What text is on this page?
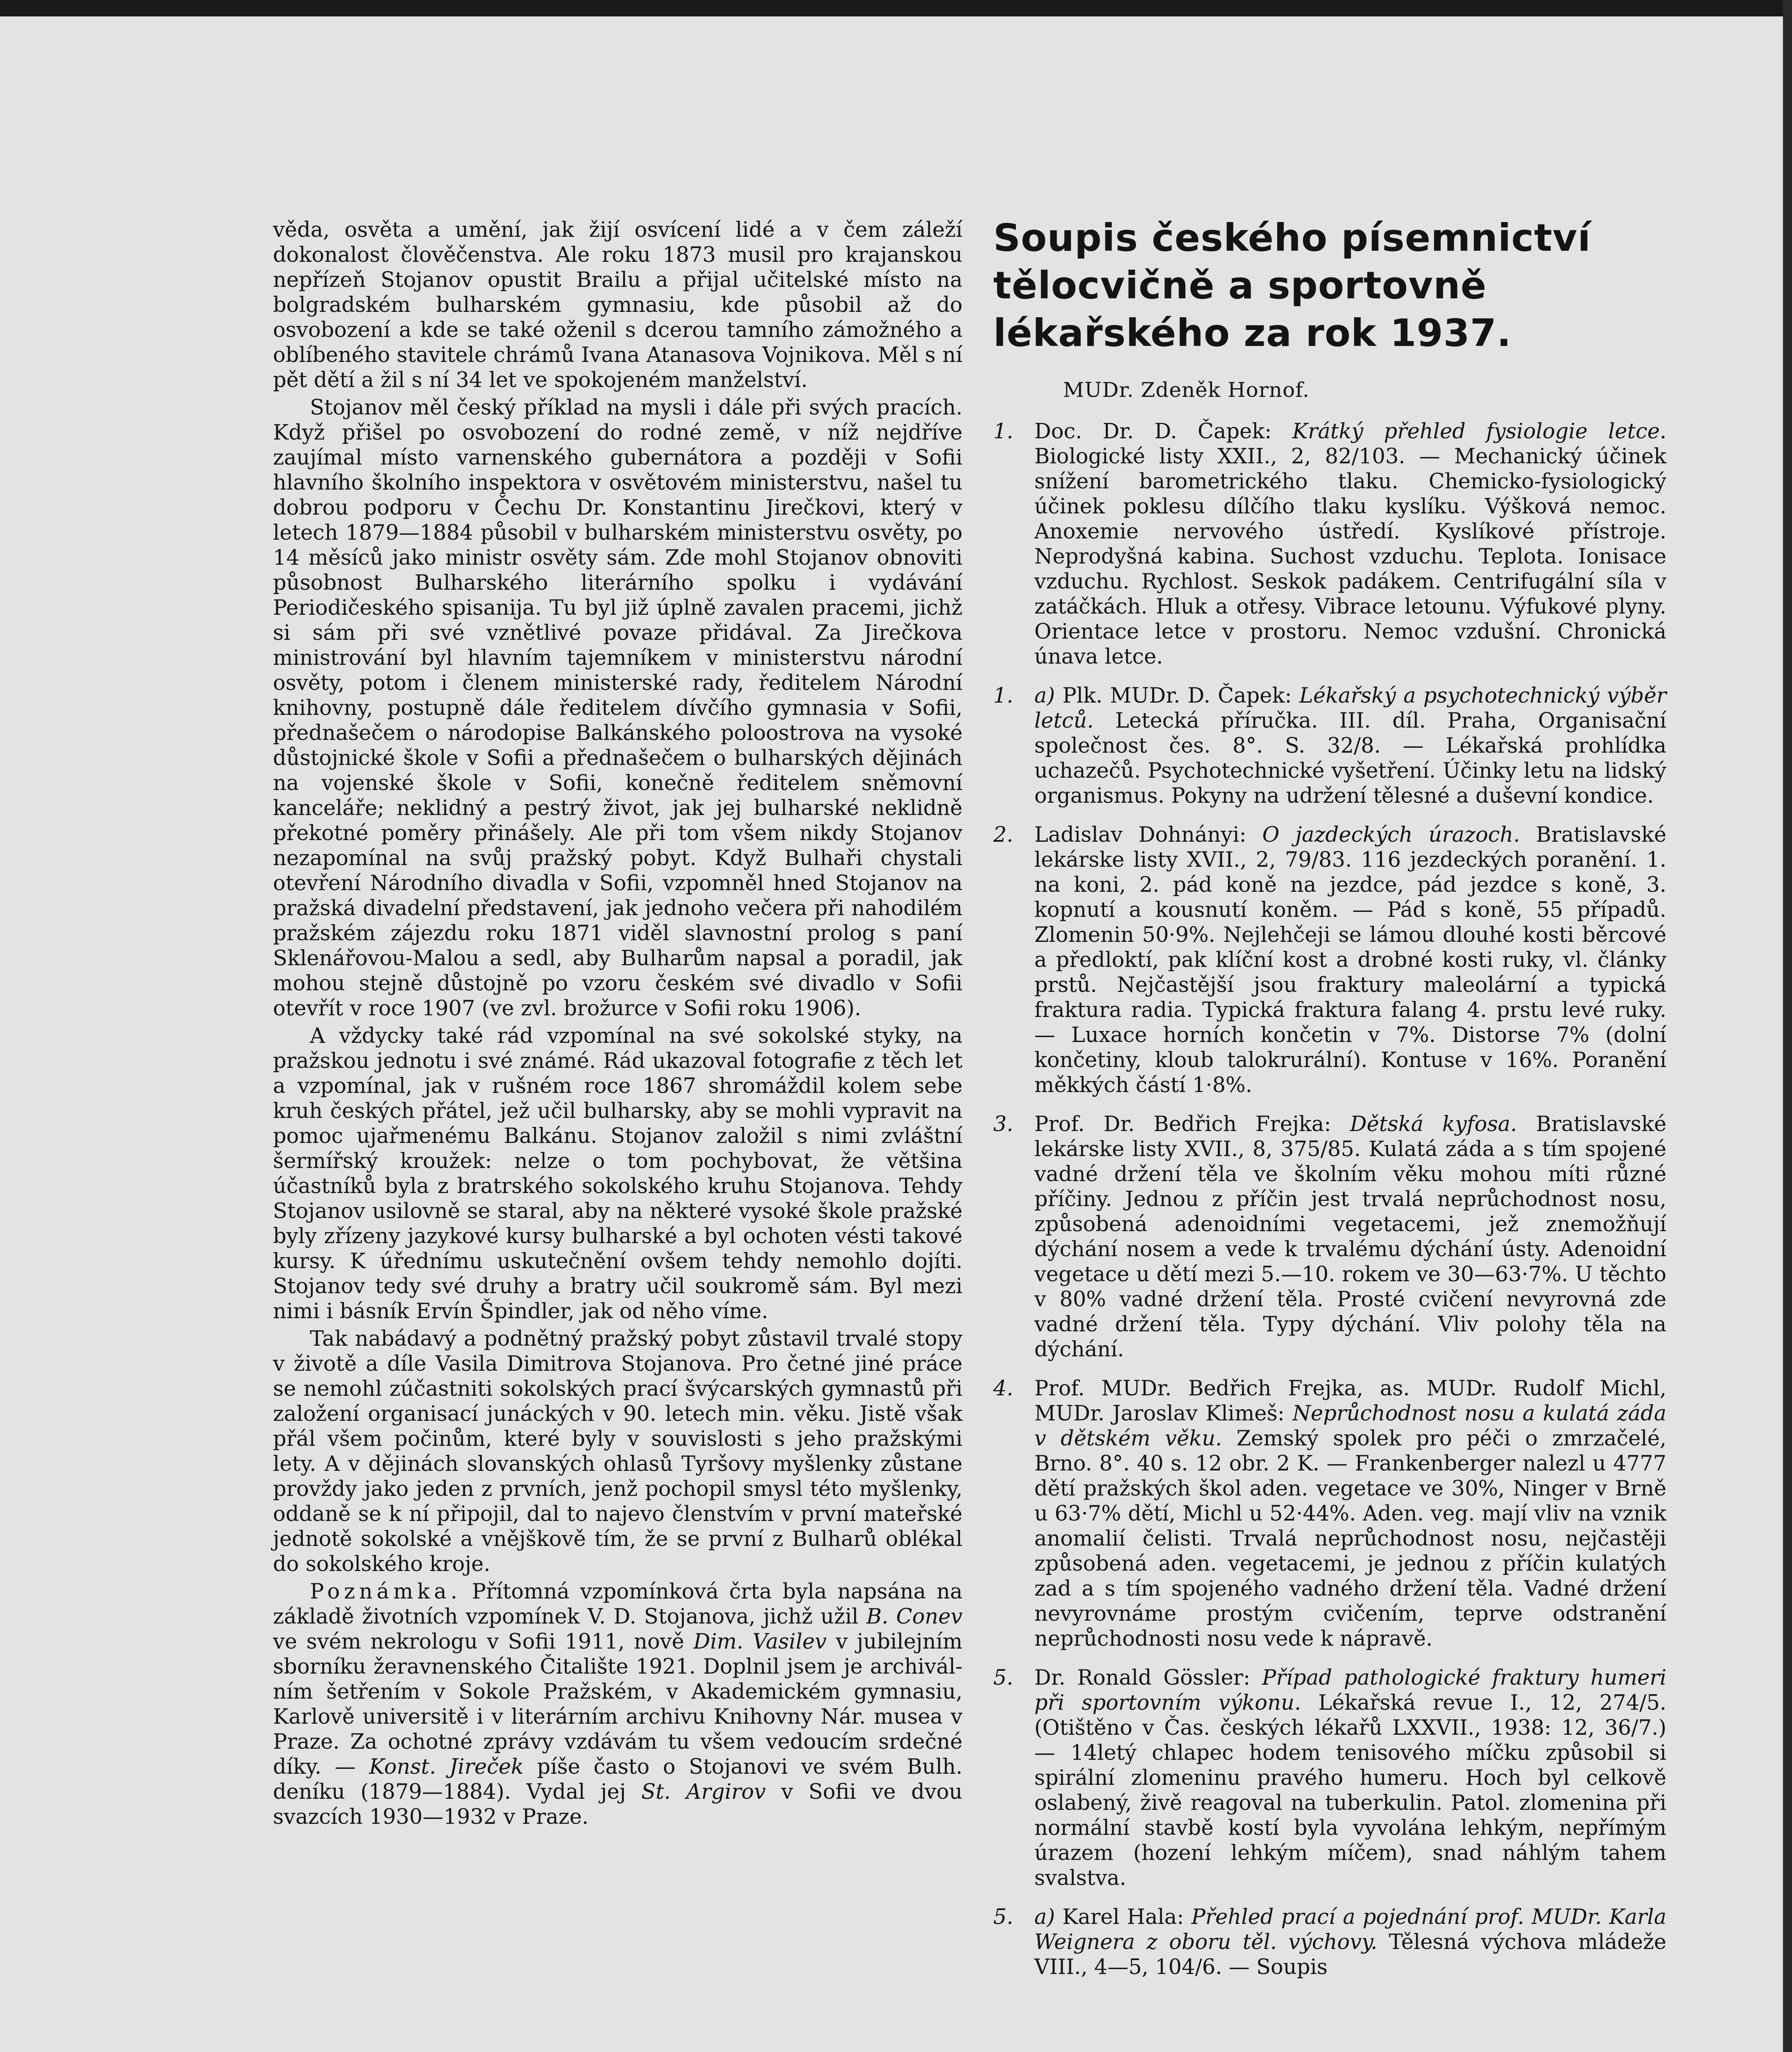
věda, osvěta a umění, jak žijí osvícení lidé a v čem záleží dokonalost člověčenstva. Ale roku 1873 musil pro krajanskou nepřízeň Stojanov opustit Brailu a přijal učitelské místo na bolgradském bulharském gymnasiu, kde působil až do osvobození a kde se také oženil s dcerou tamního zámožného a oblíbeného stavitele chrámů Ivana Atanasova Vojnikova. Měl s ní pět dětí a žil s ní 34 let ve spokojeném manželství.

Stojanov měl český příklad na mysli i dále při svých pracích. Když přišel po osvobození do rodné země, v níž nejdříve zaujímal místo varnenského gubernátora a později v Sofii hlavního školního inspektora v osvětovém ministerstvu, našel tu dobrou podporu v Čechu Dr. Konstantinu Jirečkovi, který v letech 1879—1884 působil v bulharském ministerstvu osvěty, po 14 měsíců jako ministr osvěty sám. Zde mohl Stojanov obnoviti působnost Bulharského literárního spolku i vydávání Periodičeského spisanija. Tu byl již úplně zavalen pracemi, jichž si sám při své vznětlivé povaze přidával. Za Jirečkova ministrování byl hlavním tajemníkem v ministerstvu národní osvěty, potom i členem ministerské rady, ředitelem Národní knihovny, postupně dále ředitelem dívčího gymnasia v Sofii, přednašečem o národopise Balkánského poloostrova na vysoké důstojnické škole v Sofii a přednašečem o bulharských dějinách na vojenské škole v Sofii, konečně ředitelem sněmovní kanceláře; neklidný a pestrý život, jak jej bulharské neklidně překotné poměry přinášely. Ale při tom všem nikdy Stojanov nezapomínal na svůj pražský pobyt. Když Bulhaři chystali otevření Národního divadla v Sofii, vzpomněl hned Stojanov na pražská divadelní představení, jak jednoho večera při nahodilém pražském zájezdu roku 1871 viděl slavnostní prolog s paní Sklenářovou-Malou a sedl, aby Bulharům napsal a poradil, jak mohou stejně důstojně po vzoru českém své divadlo v Sofii otevřít v roce 1907 (ve zvl. brožurce v Sofii roku 1906).

A vždycky také rád vzpomínal na své sokolské styky, na pražskou jednotu i své známé. Rád ukazoval fotografie z těch let a vzpomínal, jak v rušném roce 1867 shromáždil kolem sebe kruh českých přátel, jež učil bulharsky, aby se mohli vypravit na pomoc ujařmenému Balkánu. Stojanov založil s nimi zvláštní šermířský kroužek: nelze o tom pochybovat, že většina účastníků byla z bratrského sokolského kruhu Stojanova. Tehdy Stojanov usilovně se staral, aby na některé vysoké škole pražské byly zřízeny jazykové kursy bulharské a byl ochoten vésti takové kursy. K úřednímu uskutečnění ovšem tehdy nemohlo dojíti. Stojanov tedy své druhy a bratry učil soukromě sám. Byl mezi nimi i básník Ervín Špindler, jak od něho víme.

Tak nabádavý a podnětný pražský pobyt zůstavil trvalé stopy v životě a díle Vasila Dimitrova Stojanova. Pro četné jiné práce se nemohl zúčastniti sokolských prací švýcarských gymnastů při založení organisací junáckých v 90. letech min. věku. Jistě však přál všem počinům, které byly v souvislosti s jeho pražskými lety. A v dějinách slovanských ohlasů Tyršovy myšlenky zůstane provždy jako jeden z prvních, jenž pochopil smysl této myšlenky, oddaně se k ní připojil, dal to najevo členstvím v první mateřské jednotě sokolské a vnějškově tím, že se první z Bulharů oblékal do sokolského kroje.

Poznámka. Přítomná vzpomínková črta byla napsána na základě životních vzpomínek V. D. Stojanova, jichž užil B. Conev ve svém nekrologu v Sofii 1911, nově Dim. Vasilev v jubilejním sborníku žeravnenského Čitalište 1921. Doplnil jsem je archiválním šetřením v Sokole Pražském, v Akademickém gymnasiu, Karlově universitě i v literárním archivu Knihovny Nár. musea v Praze. Za ochotné zprávy vzdávám tu všem vedoucím srdečné díky. — Konst. Jireček píše často o Stojanovi ve svém Bulh. deníku (1879—1884). Vydal jej St. Argirov v Sofii ve dvou svazcích 1930—1932 v Praze.

Soupis českého písemnictví tělocvičně a sportovně lékařského za rok 1937.
MUDr. Zdeněk Hornof.
1. Doc. Dr. D. Čapek: Krátký přehled fysiologie letce. Biologické listy XXII., 2, 82/103. — Mechanický účinek snížení barometrického tlaku. Chemicko-fysiologický účinek poklesu dílčího tlaku kyslíku. Výšková nemoc. Anoxemie nervového ústředí. Kyslíkové přístroje. Neprodyšná kabina. Suchost vzduchu. Teplota. Ionisace vzduchu. Rychlost. Seskok padákem. Centrifugální síla v zatáčkách. Hluk a otřesy. Vibrace letounu. Výfukové plyny. Orientace letce v prostoru. Nemoc vzdušní. Chronická únava letce.
1. a) Plk. MUDr. D. Čapek: Lékařský a psychotechnický výběr letců. Letecká příručka. III. díl. Praha, Organisační společnost čes. 8°. S. 32/8. — Lékařská prohlídka uchazečů. Psychotechnické vyšetření. Účinky letu na lidský organismus. Pokyny na udržení tělesné a duševní kondice.
2. Ladislav Dohnányi: O jazdeckých úrazoch. Bratislavské lekárske listy XVII., 2, 79/83. 116 jezdeckých poranění. 1. na koni, 2. pád koně na jezdce, pád jezdce s koně, 3. kopnutí a kousnutí koněm. — Pád s koně, 55 případů. Zlomenin 50·9%. Nejlehčeji se lámou dlouhé kosti běrcové a předloktí, pak klíční kost a drobné kosti ruky, vl. články prstů. Nejčastější jsou fraktury maleolární a typická fraktura radia. Typická fraktura falang 4. prstu levé ruky. — Luxace horních končetin v 7%. Distorse 7% (dolní končetiny, kloub talokrurální). Kontuse v 16%. Poranění měkkých částí 1·8%.
3. Prof. Dr. Bedřich Frejka: Dětská kyfosa. Bratislavské lekárske listy XVII., 8, 375/85. Kulatá záda a s tím spojené vadné držení těla ve školním věku mohou míti různé příčiny. Jednou z příčin jest trvalá neprůchodnost nosu, způsobená adenoidními vegetacemi, jež znemožňují dýchání nosem a vede k trvalému dýchání ústy. Adenoidní vegetace u dětí mezi 5.—10. rokem ve 30—63·7%. U těchto v 80% vadné držení těla. Prosté cvičení nevyrovná zde vadné držení těla. Typy dýchání. Vliv polohy těla na dýchání.
4. Prof. MUDr. Bedřich Frejka, as. MUDr. Rudolf Michl, MUDr. Jaroslav Klimeš: Neprůchodnost nosu a kulatá záda v dětském věku. Zemský spolek pro péči o zmrzačelé, Brno. 8°. 40 s. 12 obr. 2 K. — Frankenberger nalezl u 4777 dětí pražských škol aden. vegetace ve 30%, Ninger v Brně u 63·7% dětí, Michl u 52·44%. Aden. veg. mají vliv na vznik anomalií čelisti. Trvalá neprůchodnost nosu, nejčastěji způsobená aden. vegetacemi, je jednou z příčin kulatých zad a s tím spojeného vadného držení těla. Vadné držení nevyrovnáme prostým cvičením, teprve odstranění neprůchodnosti nosu vede k nápravě.
5. Dr. Ronald Gössler: Případ pathologické fraktury humeri při sportovním výkonu. Lékařská revue I., 12, 274/5. (Otištěno v Čas. českých lékařů LXXVII., 1938: 12, 36/7.) — 14letý chlapec hodem tenisového míčku způsobil si spirální zlomeninu pravého humeru. Hoch byl celkově oslabený, živě reagoval na tuberkulin. Patol. zlomenina při normální stavbě kostí byla vyvolána lehkým, nepřímým úrazem (hození lehkým míčem), snad náhlým tahem svalstva.
5. a) Karel Hala: Přehled prací a pojednání prof. MUDr. Karla Weignera z oboru těl. výchovy. Tělesná výchova mládeže VIII., 4—5, 104/6. — Soupis
